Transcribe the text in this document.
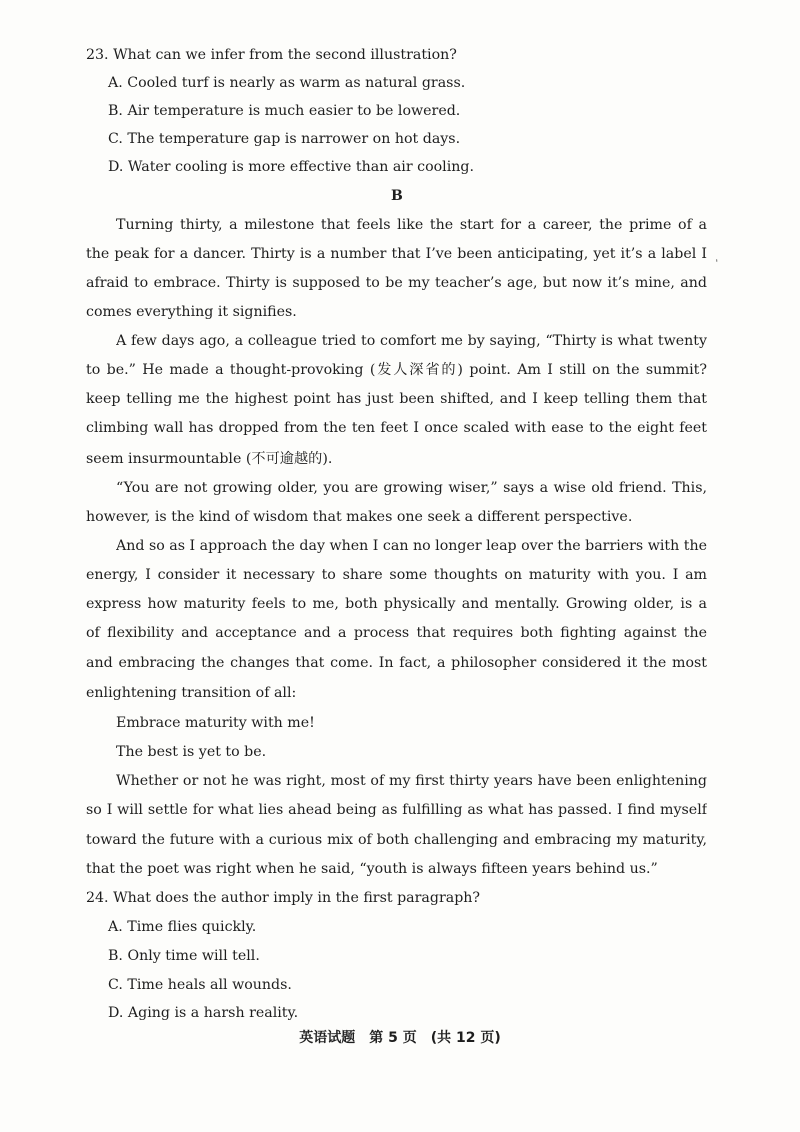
23. What can we infer from the second illustration?
A. Cooled turf is nearly as warm as natural grass.
B. Air temperature is much easier to be lowered.
C. The temperature gap is narrower on hot days.
D. Water cooling is more effective than air cooling.
B
Turning thirty, a milestone that feels like the start for a career, the prime of a
the peak for a dancer. Thirty is a number that I’ve been anticipating, yet it’s a label I
afraid to embrace. Thirty is supposed to be my teacher’s age, but now it’s mine, and
comes everything it signifies.
A few days ago, a colleague tried to comfort me by saying, “Thirty is what twenty
to be.” He made a thought-provoking (发人深省的) point. Am I still on the summit?
keep telling me the highest point has just been shifted, and I keep telling them that
climbing wall has dropped from the ten feet I once scaled with ease to the eight feet
seem insurmountable (不可逾越的).
“You are not growing older, you are growing wiser,” says a wise old friend. This,
however, is the kind of wisdom that makes one seek a different perspective.
And so as I approach the day when I can no longer leap over the barriers with the
energy, I consider it necessary to share some thoughts on maturity with you. I am
express how maturity feels to me, both physically and mentally. Growing older, is a
of flexibility and acceptance and a process that requires both fighting against the
and embracing the changes that come. In fact, a philosopher considered it the most
enlightening transition of all:
Embrace maturity with me!
The best is yet to be.
Whether or not he was right, most of my first thirty years have been enlightening
so I will settle for what lies ahead being as fulfilling as what has passed. I find myself
toward the future with a curious mix of both challenging and embracing my maturity,
that the poet was right when he said, “youth is always fifteen years behind us.”
24. What does the author imply in the first paragraph?
A. Time flies quickly.
B. Only time will tell.
C. Time heals all wounds.
D. Aging is a harsh reality.
`
英语试题　第 5 页　(共 12 页)
